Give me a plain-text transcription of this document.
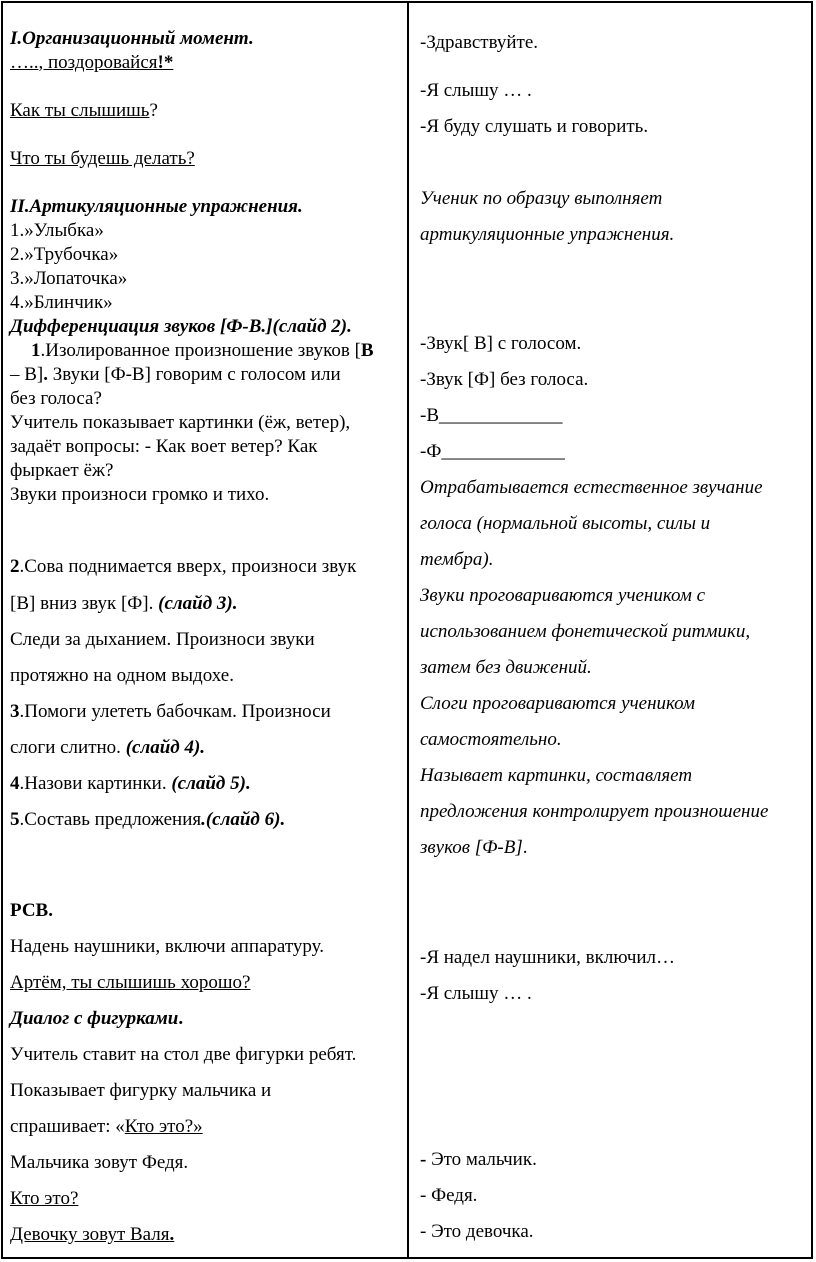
I.Организационный момент.
….., поздоровайся!*
Как ты слышишь?
Что ты будешь делать?
II.Артикуляционные упражнения.
1.»Улыбка»
2.»Трубочка»
3.»Лопаточка»
4.»Блинчик»
Дифференциация звуков [Ф-В.](слайд 2).
1.Изолированное произношение звуков [В
– В]. Звуки [Ф-В] говорим с голосом или
без голоса?
Учитель показывает картинки (ёж, ветер),
задаёт вопросы: - Как воет ветер? Как
фыркает ёж?
Звуки произноси громко и тихо.
2.Сова поднимается вверх, произноси звук
[В] вниз звук [Ф]. (слайд 3).
Следи за дыханием. Произноси звуки
протяжно на одном выдохе.
3.Помоги улететь бабочкам. Произноси
слоги слитно. (слайд 4).
4.Назови картинки. (слайд 5).
5.Составь предложения.(слайд 6).
РСВ.
Надень наушники, включи аппаратуру.
Артём, ты слышишь хорошо?
Диалог с фигурками.
Учитель ставит на стол две фигурки ребят.
Показывает фигурку мальчика и
спрашивает: «Кто это?»
Мальчика зовут Федя.
Кто это?
Девочку зовут Валя.
-Здравствуйте.
-Я слышу … .
-Я буду слушать и говорить.
Ученик по образцу выполняет
артикуляционные упражнения.
-Звук[ В] с голосом.
-Звук [Ф] без голоса.
-В_____________
-Ф_____________
Отрабатывается естественное звучание
голоса (нормальной высоты, силы и
тембра).
Звуки проговариваются учеником с
использованием фонетической ритмики,
затем без движений.
Слоги проговариваются учеником
самостоятельно.
Называет картинки, составляет
предложения контролирует произношение
звуков [Ф-В].
-Я надел наушники, включил…
-Я слышу … .
- Это мальчик.
- Федя.
- Это девочка.
